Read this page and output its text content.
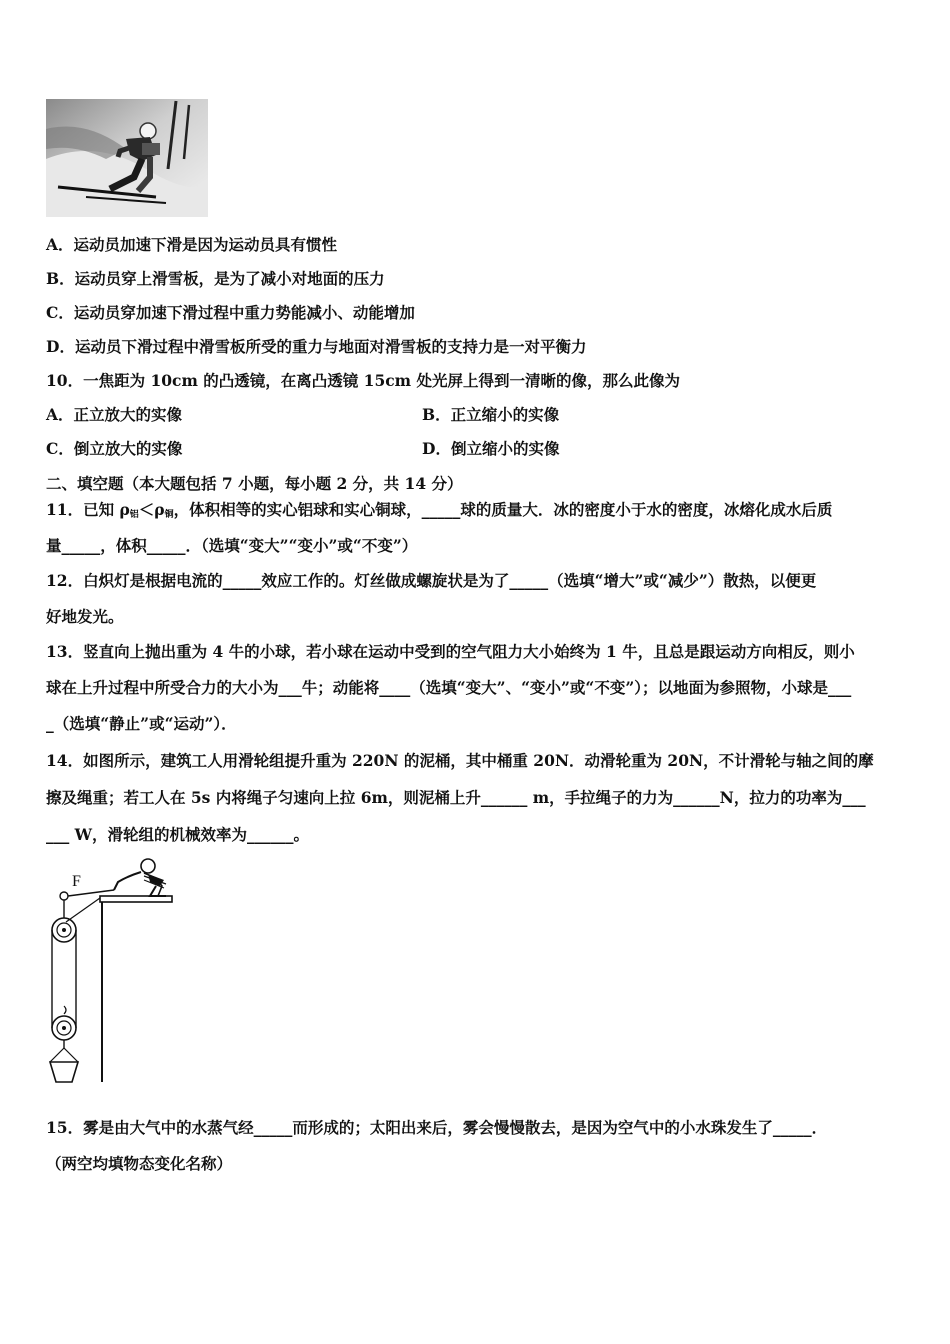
A．运动员加速下滑是因为运动员具有惯性
B．运动员穿上滑雪板，是为了减小对地面的压力
C．运动员穿加速下滑过程中重力势能减小、动能增加
D．运动员下滑过程中滑雪板所受的重力与地面对滑雪板的支持力是一对平衡力
10．一焦距为 10cm 的凸透镜，在离凸透镜 15cm 处光屏上得到一清晰的像，那么此像为
A．正立放大的实像	B．正立缩小的实像
C．倒立放大的实像	D．倒立缩小的实像
二、填空题（本大题包括 7 小题，每小题 2 分，共 14 分）
11．已知 $\rho_铝<\rho_铜$，体积相等的实心铝球和实心铜球，_____球的质量大．冰的密度小于水的密度，冰熔化成水后质
量_____，体积_____．（选填“变大”“变小”或“不变”）
12．白炽灯是根据电流的_____效应工作的。灯丝做成螺旋状是为了_____（选填“增大”或“减少”）散热，以便更
好地发光。
13．竖直向上抛出重为 4 牛的小球，若小球在运动中受到的空气阻力大小始终为 1 牛，且总是跟运动方向相反，则小
球在上升过程中所受合力的大小为___牛；动能将____（选填“变大”、“变小”或“不变”）；以地面为参照物，小球是___
_（选填“静止”或“运动”）．
14．如图所示，建筑工人用滑轮组提升重为 220N 的泥桶，其中桶重 20N．动滑轮重为 20N，不计滑轮与轴之间的摩
擦及绳重；若工人在 5s 内将绳子匀速向上拉 6m，则泥桶上升______ m，手拉绳子的力为______N，拉力的功率为___
___ W，滑轮组的机械效率为______。
F
15．雾是由大气中的水蒸气经_____而形成的；太阳出来后，雾会慢慢散去，是因为空气中的小水珠发生了_____．
（两空均填物态变化名称）
